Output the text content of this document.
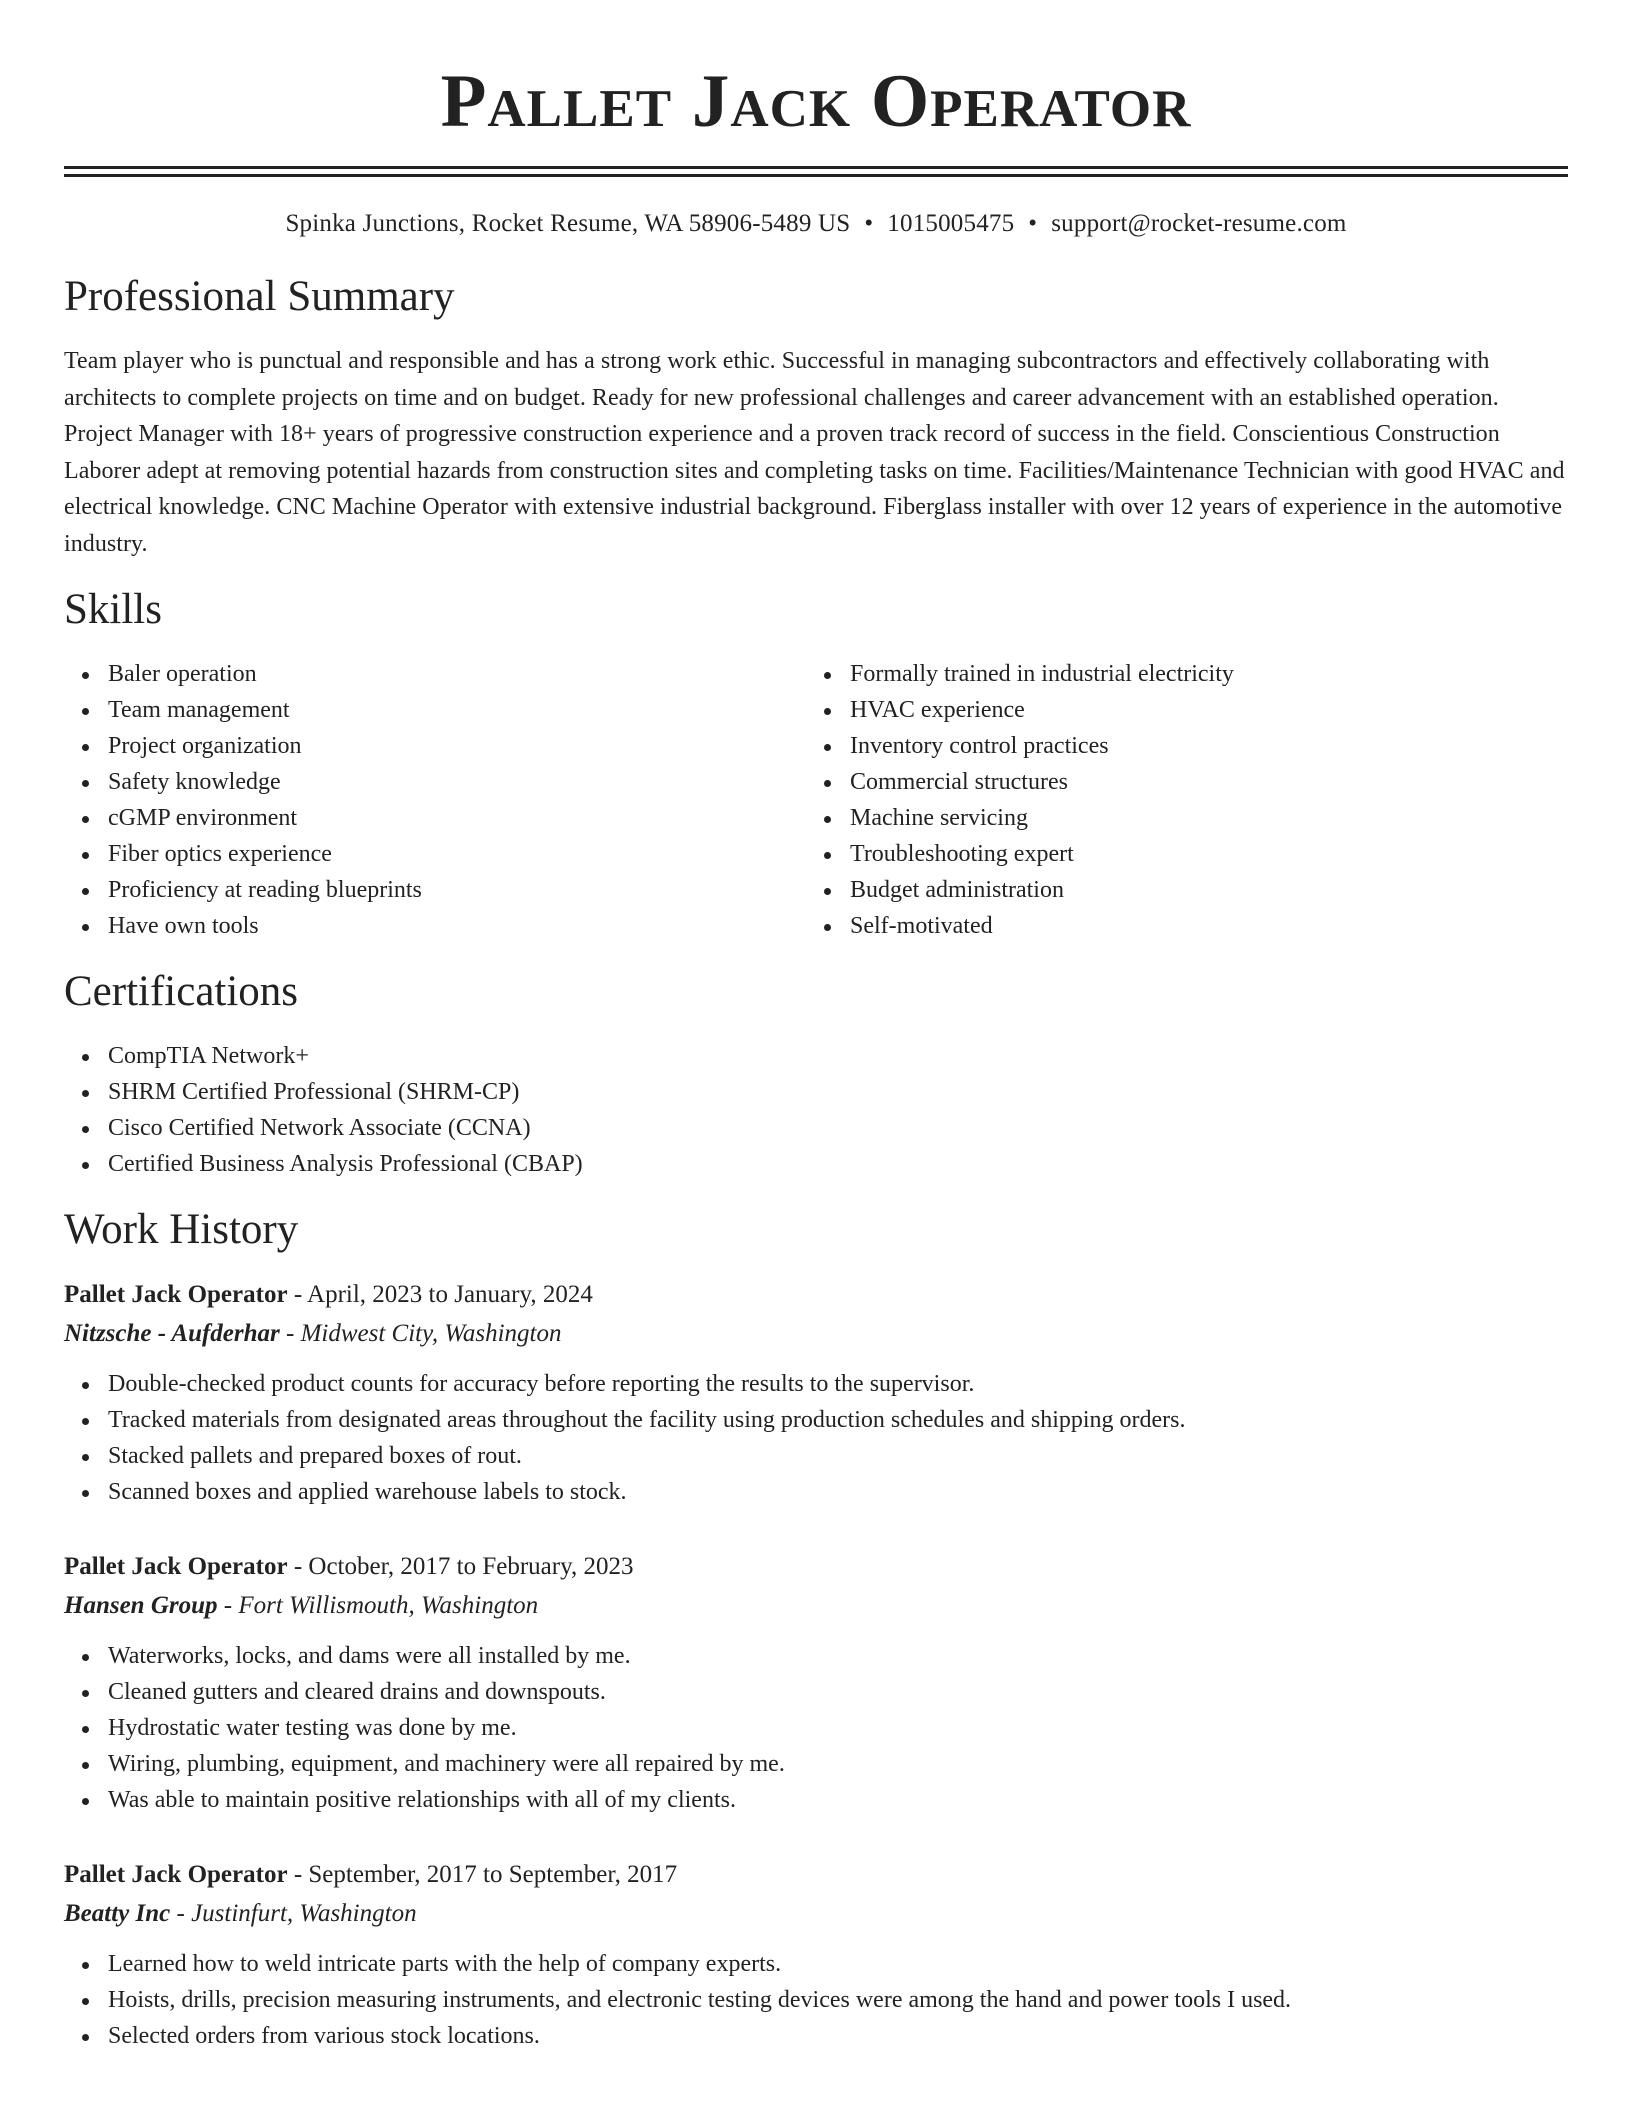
Pallet Jack Operator
Spinka Junctions, Rocket Resume, WA 58906-5489 US • 1015005475 • support@rocket-resume.com
Professional Summary
Team player who is punctual and responsible and has a strong work ethic. Successful in managing subcontractors and effectively collaborating with architects to complete projects on time and on budget. Ready for new professional challenges and career advancement with an established operation. Project Manager with 18+ years of progressive construction experience and a proven track record of success in the field. Conscientious Construction Laborer adept at removing potential hazards from construction sites and completing tasks on time. Facilities/Maintenance Technician with good HVAC and electrical knowledge. CNC Machine Operator with extensive industrial background. Fiberglass installer with over 12 years of experience in the automotive industry.
Skills
Baler operation
Team management
Project organization
Safety knowledge
cGMP environment
Fiber optics experience
Proficiency at reading blueprints
Have own tools
Formally trained in industrial electricity
HVAC experience
Inventory control practices
Commercial structures
Machine servicing
Troubleshooting expert
Budget administration
Self-motivated
Certifications
CompTIA Network+
SHRM Certified Professional (SHRM-CP)
Cisco Certified Network Associate (CCNA)
Certified Business Analysis Professional (CBAP)
Work History
Pallet Jack Operator - April, 2023 to January, 2024
Nitzsche - Aufderhar - Midwest City, Washington
Double-checked product counts for accuracy before reporting the results to the supervisor.
Tracked materials from designated areas throughout the facility using production schedules and shipping orders.
Stacked pallets and prepared boxes of rout.
Scanned boxes and applied warehouse labels to stock.
Pallet Jack Operator - October, 2017 to February, 2023
Hansen Group - Fort Willismouth, Washington
Waterworks, locks, and dams were all installed by me.
Cleaned gutters and cleared drains and downspouts.
Hydrostatic water testing was done by me.
Wiring, plumbing, equipment, and machinery were all repaired by me.
Was able to maintain positive relationships with all of my clients.
Pallet Jack Operator - September, 2017 to September, 2017
Beatty Inc - Justinfurt, Washington
Learned how to weld intricate parts with the help of company experts.
Hoists, drills, precision measuring instruments, and electronic testing devices were among the hand and power tools I used.
Selected orders from various stock locations.
